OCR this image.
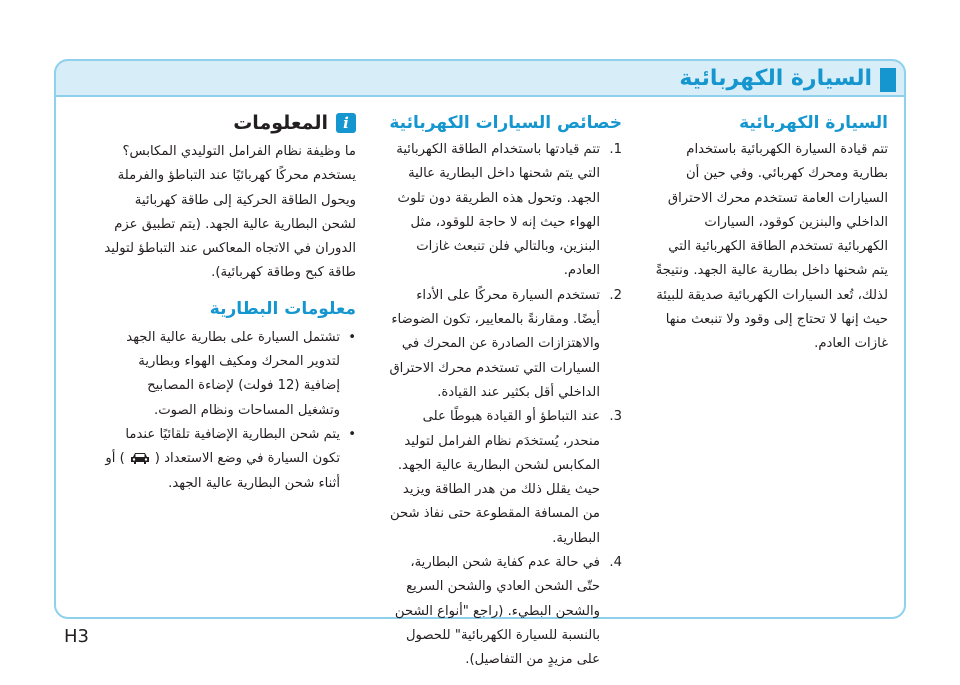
السيارة الكهربائية
السيارة الكهربائية

تتم قيادة السيارة الكهربائية باستخدام بطارية ومحرك كهربائي. وفي حين أن السيارات العامة تستخدم محرك الاحتراق الداخلي والبنزين كوقود، السيارات الكهربائية تستخدم الطاقة الكهربائية التي يتم شحنها داخل بطارية عالية الجهد. ونتيجةً لذلك، تُعد السيارات الكهربائية صديقة للبيئة حيث إنها لا تحتاج إلى وقود ولا تنبعث منها غازات العادم.

خصائص السيارات الكهربائية
1.
تتم قيادتها باستخدام الطاقة الكهربائية التي يتم شحنها داخل البطارية عالية الجهد. وتحول هذه الطريقة دون تلوث الهواء حيث إنه لا حاجة للوقود، مثل البنزين، وبالتالي فلن تنبعث غازات العادم.
2.
تستخدم السيارة محركًا على الأداء أيضًا. ومقارنةً بالمعايير، تكون الضوضاء والاهتزازات الصادرة عن المحرك في السيارات التي تستخدم محرك الاحتراق الداخلي أقل بكثير عند القيادة.
3.
عند التباطؤ أو القيادة هبوطًا على منحدر، يُستخدَم نظام الفرامل لتوليد المكابس لشحن البطارية عالية الجهد. حيث يقلل ذلك من هدر الطاقة ويزيد من المسافة المقطوعة حتى نفاذ شحن البطارية.
4.
في حالة عدم كفاية شحن البطارية، حتّى الشحن العادي والشحن السريع والشحن البطيء. (راجع "أنواع الشحن بالنسبة للسيارة الكهربائية" للحصول على مزيدٍ من التفاصيل).
i
المعلومات

ما وظيفة نظام الفرامل التوليدي المكابس؟ يستخدم محركًا كهربائيًا عند التباطؤ والفرملة ويحول الطاقة الحركية إلى طاقة كهربائية لشحن البطارية عالية الجهد. (يتم تطبيق عزم الدوران في الاتجاه المعاكس عند التباطؤ لتوليد طاقة كبح وطاقة كهربائية).

معلومات البطارية
•
تشتمل السيارة على بطارية عالية الجهد لتدوير المحرك ومكيف الهواء وبطارية إضافية (12 فولت) لإضاءة المصابيح وتشغيل المساحات ونظام الصوت.
•
يتم شحن البطارية الإضافية تلقائيًا عندما تكون السيارة في وضع الاستعداد () أو أثناء شحن البطارية عالية الجهد.
H3
